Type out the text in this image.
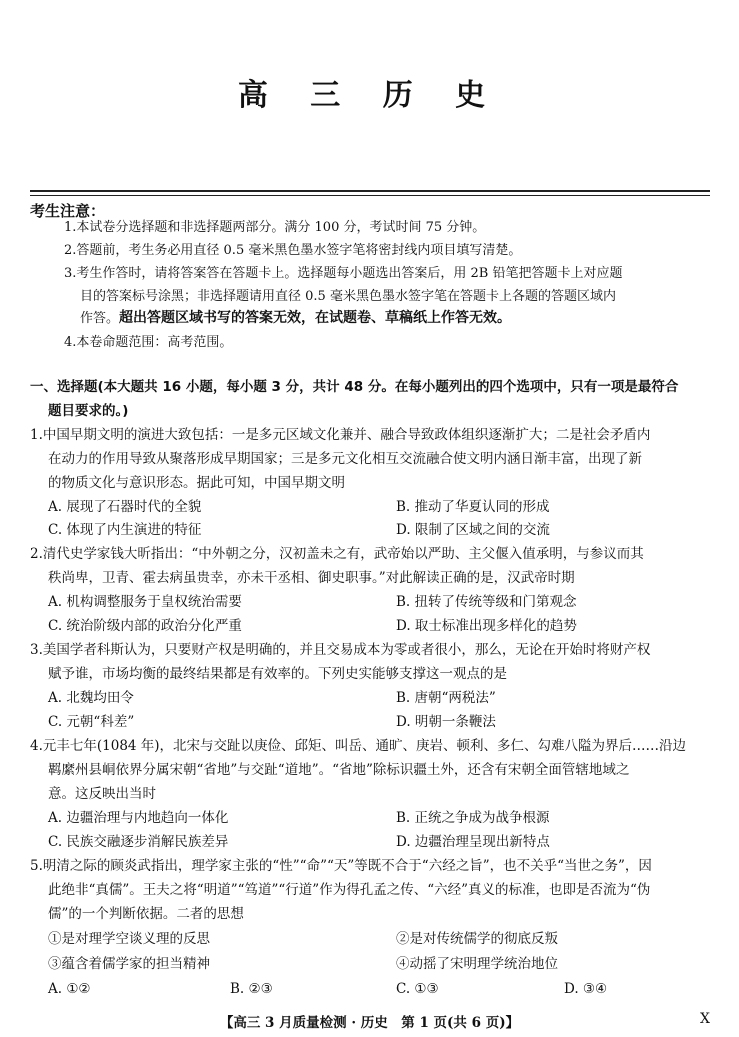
高 三 历 史
考生注意：
1.本试卷分选择题和非选择题两部分。满分 100 分，考试时间 75 分钟。
2.答题前，考生务必用直径 0.5 毫米黑色墨水签字笔将密封线内项目填写清楚。
3.考生作答时，请将答案答在答题卡上。选择题每小题选出答案后，用 2B 铅笔把答题卡上对应题
目的答案标号涂黑；非选择题请用直径 0.5 毫米黑色墨水签字笔在答题卡上各题的答题区域内
作答。超出答题区域书写的答案无效，在试题卷、草稿纸上作答无效。
4.本卷命题范围：高考范围。
一、选择题(本大题共 16 小题，每小题 3 分，共计 48 分。在每小题列出的四个选项中，只有一项是最符合
题目要求的。)
1.中国早期文明的演进大致包括：一是多元区域文化兼并、融合导致政体组织逐渐扩大；二是社会矛盾内
在动力的作用导致从聚落形成早期国家；三是多元文化相互交流融合使文明内涵日渐丰富，出现了新
的物质文化与意识形态。据此可知，中国早期文明
A. 展现了石器时代的全貌	B. 推动了华夏认同的形成
C. 体现了内生演进的特征	D. 限制了区域之间的交流
2.清代史学家钱大昕指出：“中外朝之分，汉初盖未之有，武帝始以严助、主父偃入值承明，与参议而其
秩尚卑，卫青、霍去病虽贵幸，亦未干丞相、御史职事。”对此解读正确的是，汉武帝时期
A. 机构调整服务于皇权统治需要	B. 扭转了传统等级和门第观念
C. 统治阶级内部的政治分化严重	D. 取士标准出现多样化的趋势
3.美国学者科斯认为，只要财产权是明确的，并且交易成本为零或者很小，那么，无论在开始时将财产权
赋予谁，市场均衡的最终结果都是有效率的。下列史实能够支撑这一观点的是
A. 北魏均田令	B. 唐朝“两税法”
C. 元朝“科差”	D. 明朝一条鞭法
4.元丰七年(1084 年)，北宋与交趾以庚俭、邱矩、叫岳、通旷、庚岩、顿利、多仁、勾难八隘为界后……沿边
羁縻州县峒依界分属宋朝“省地”与交趾“道地”。“省地”除标识疆土外，还含有宋朝全面管辖地域之
意。这反映出当时
A. 边疆治理与内地趋向一体化	B. 正统之争成为战争根源
C. 民族交融逐步消解民族差异	D. 边疆治理呈现出新特点
5.明清之际的顾炎武指出，理学家主张的“性”“命”“天”等既不合于“六经之旨”，也不关乎“当世之务”，因
此绝非“真儒”。王夫之将“明道”“笃道”“行道”作为得孔孟之传、“六经”真义的标准，也即是否流为“伪
儒”的一个判断依据。二者的思想
①是对理学空谈义理的反思	②是对传统儒学的彻底反叛
③蕴含着儒学家的担当精神	④动摇了宋明理学统治地位
A. ①②	B. ②③	C. ①③	D. ③④
【高三 3 月质量检测 · 历史　第 1 页(共 6 页)】	X
